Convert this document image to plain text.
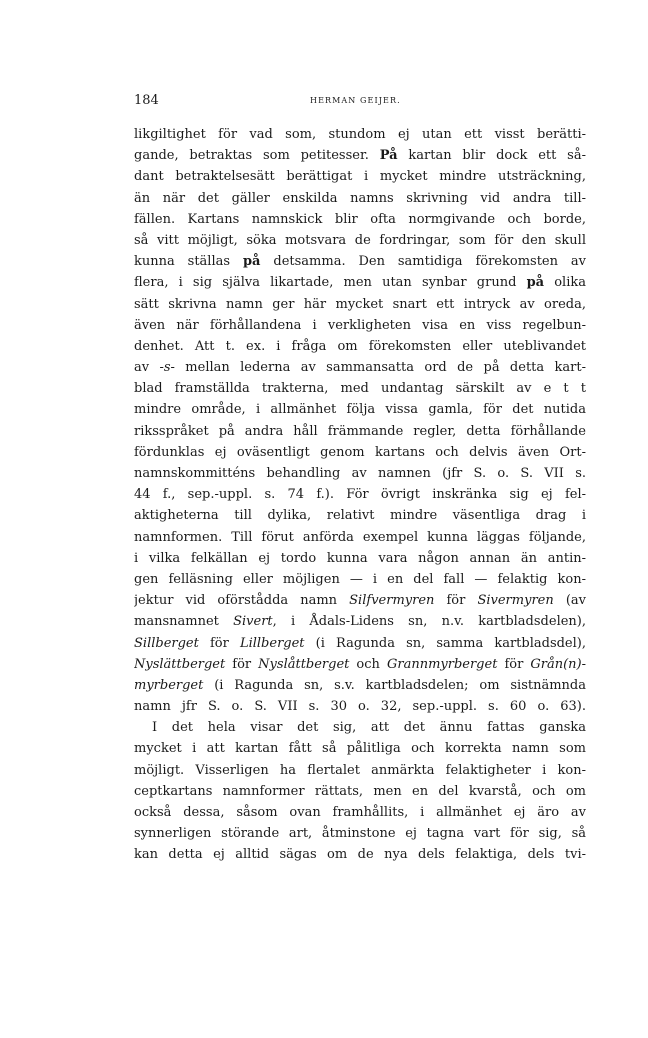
184	HERMAN GEIJER.
likgiltighet för vad som, stundom ej utan ett visst berätti-
gande, betraktas som petitesser. På kartan blir dock ett så-
dant betraktelsesätt berättigat i mycket mindre utsträckning,
än när det gäller enskilda namns skrivning vid andra till-
fällen. Kartans namnskick blir ofta normgivande och borde,
så vitt möjligt, söka motsvara de fordringar, som för den skull
kunna ställas på detsamma. Den samtidiga förekomsten av
flera, i sig själva likartade, men utan synbar grund på olika
sätt skrivna namn ger här mycket snart ett intryck av oreda,
även när förhållandena i verkligheten visa en viss regelbun-
denhet. Att t. ex. i fråga om förekomsten eller uteblivandet
av -s- mellan lederna av sammansatta ord de på detta kart-
blad framställda trakterna, med undantag särskilt av e t t
mindre område, i allmänhet följa vissa gamla, för det nutida
riksspråket på andra håll främmande regler, detta förhållande
fördunklas ej oväsentligt genom kartans och delvis även Ort-
namnskommitténs behandling av namnen (jfr S. o. S. VII s.
44 f., sep.-uppl. s. 74 f.). För övrigt inskränka sig ej fel-
aktigheterna till dylika, relativt mindre väsentliga drag i
namnformen. Till förut anförda exempel kunna läggas följande,
i vilka felkällan ej tordo kunna vara någon annan än antin-
gen felläsning eller möjligen — i en del fall — felaktig kon-
jektur vid oförstådda namn Silfvermyren för Sivermyren (av
mansnamnet Sivert, i Ådals-Lidens sn, n.v. kartbladsdelen),
Sillberget för Lillberget (i Ragunda sn, samma kartbladsdel),
Nyslättberget för Nyslåttberget och Grannmyrberget för Grån(n)-
myrberget (i Ragunda sn, s.v. kartbladsdelen; om sistnämnda
namn jfr S. o. S. VII s. 30 o. 32, sep.-uppl. s. 60 o. 63).
I det hela visar det sig, att det ännu fattas ganska
mycket i att kartan fått så pålitliga och korrekta namn som
möjligt. Visserligen ha flertalet anmärkta felaktigheter i kon-
ceptkartans namnformer rättats, men en del kvarstå, och om
också dessa, såsom ovan framhållits, i allmänhet ej äro av
synnerligen störande art, åtminstone ej tagna vart för sig, så
kan detta ej alltid sägas om de nya dels felaktiga, dels tvi-
